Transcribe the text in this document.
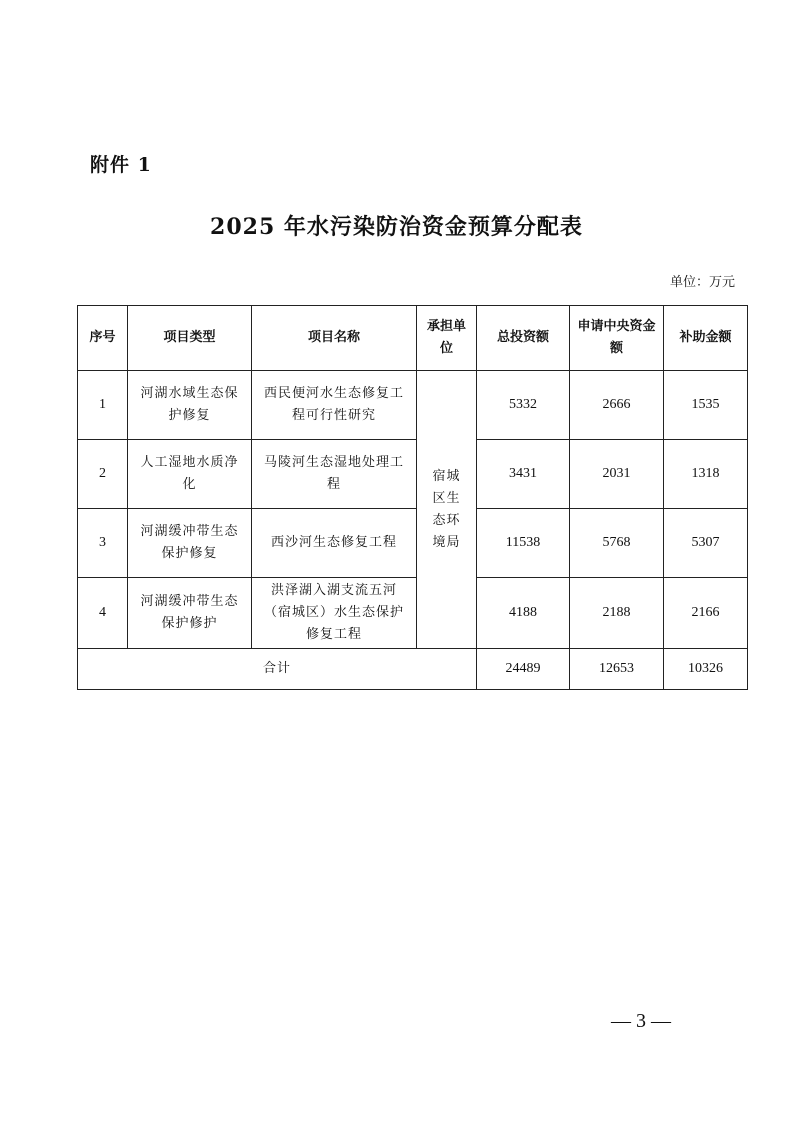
附件 1
2025 年水污染防治资金预算分配表
单位：万元
序号	项目类型	项目名称	承担单位	总投资额	申请中央资金额	补助金额
1	河湖水域生态保护修复	西民便河水生态修复工程可行性研究	宿城区生态环境局	5332	2666	1535
2	人工湿地水质净化	马陵河生态湿地处理工程		3431	2031	1318
3	河湖缓冲带生态保护修复	西沙河生态修复工程		11538	5768	5307
4	河湖缓冲带生态保护修护	洪泽湖入湖支流五河（宿城区）水生态保护修复工程		4188	2188	2166
合计				24489	12653	10326
— 3 —
